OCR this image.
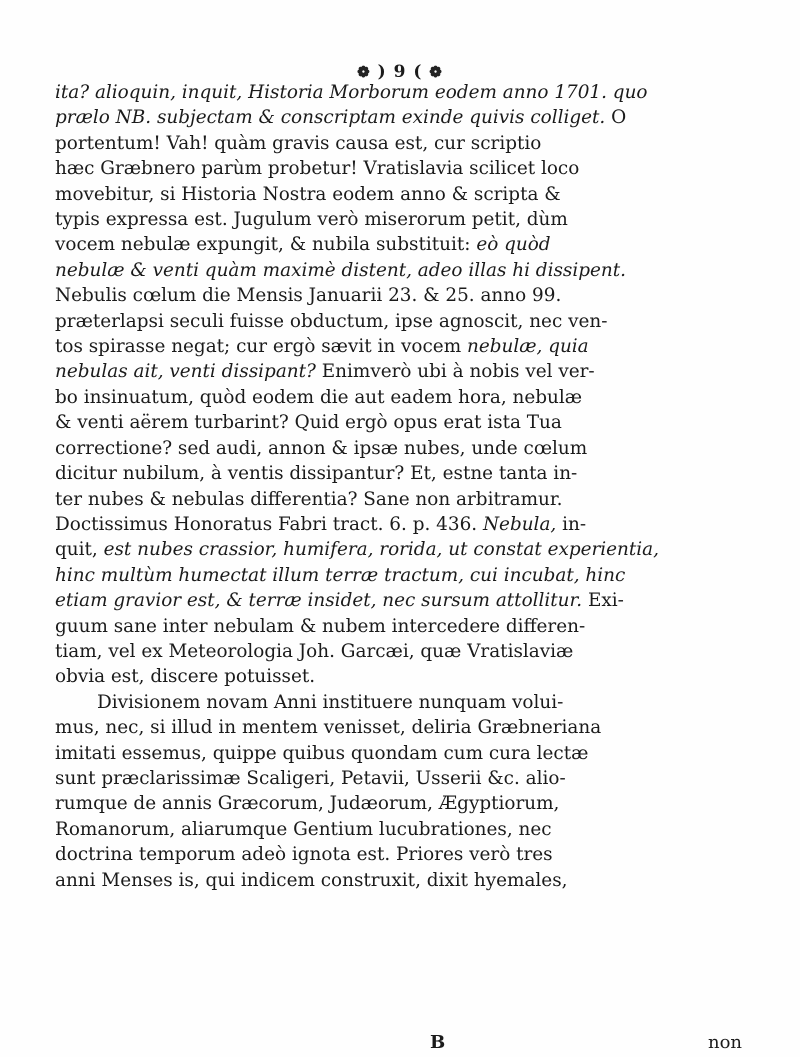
❁ ) 9 ( ❁
ita? alioquin, inquit, Historia Morborum eodem anno 1701. quo
prælo NB. subjectam & conscriptam exinde quivis colliget. O
portentum! Vah! quàm gravis causa est, cur scriptio
hæc Græbnero parùm probetur! Vratislavia scilicet loco
movebitur, si Historia Nostra eodem anno & scripta &
typis expressa est. Jugulum verò miserorum petit, dùm
vocem nebulæ expungit, & nubila substituit: eò quòd
nebulæ & venti quàm maximè distent, adeo illas hi dissipent.
Nebulis cœlum die Mensis Januarii 23. & 25. anno 99.
præterlapsi seculi fuisse obductum, ipse agnoscit, nec ven-
tos spirasse negat; cur ergò sævit in vocem nebulæ, quia
nebulas ait, venti dissipant? Enimverò ubi à nobis vel ver-
bo insinuatum, quòd eodem die aut eadem hora, nebulæ
& venti aërem turbarint? Quid ergò opus erat ista Tua
correctione? sed audi, annon & ipsæ nubes, unde cœlum
dicitur nubilum, à ventis dissipantur? Et, estne tanta in-
ter nubes & nebulas differentia? Sane non arbitramur.
Doctissimus Honoratus Fabri tract. 6. p. 436. Nebula, in-
quit, est nubes crassior, humifera, rorida, ut constat experientia,
hinc multùm humectat illum terræ tractum, cui incubat, hinc
etiam gravior est, & terræ insidet, nec sursum attollitur. Exi-
guum sane inter nebulam & nubem intercedere differen-
tiam, vel ex Meteorologia Joh. Garcæi, quæ Vratislaviæ
obvia est, discere potuisset.
Divisionem novam Anni instituere nunquam volui-
mus, nec, si illud in mentem venisset, deliria Græbneriana
imitati essemus, quippe quibus quondam cum cura lectæ
sunt præclarissimæ Scaligeri, Petavii, Usserii &c. alio-
rumque de annis Græcorum, Judæorum, Ægyptiorum,
Romanorum, aliarumque Gentium lucubrationes, nec
doctrina temporum adeò ignota est. Priores verò tres
anni Menses is, qui indicem construxit, dixit hyemales,
B	non
